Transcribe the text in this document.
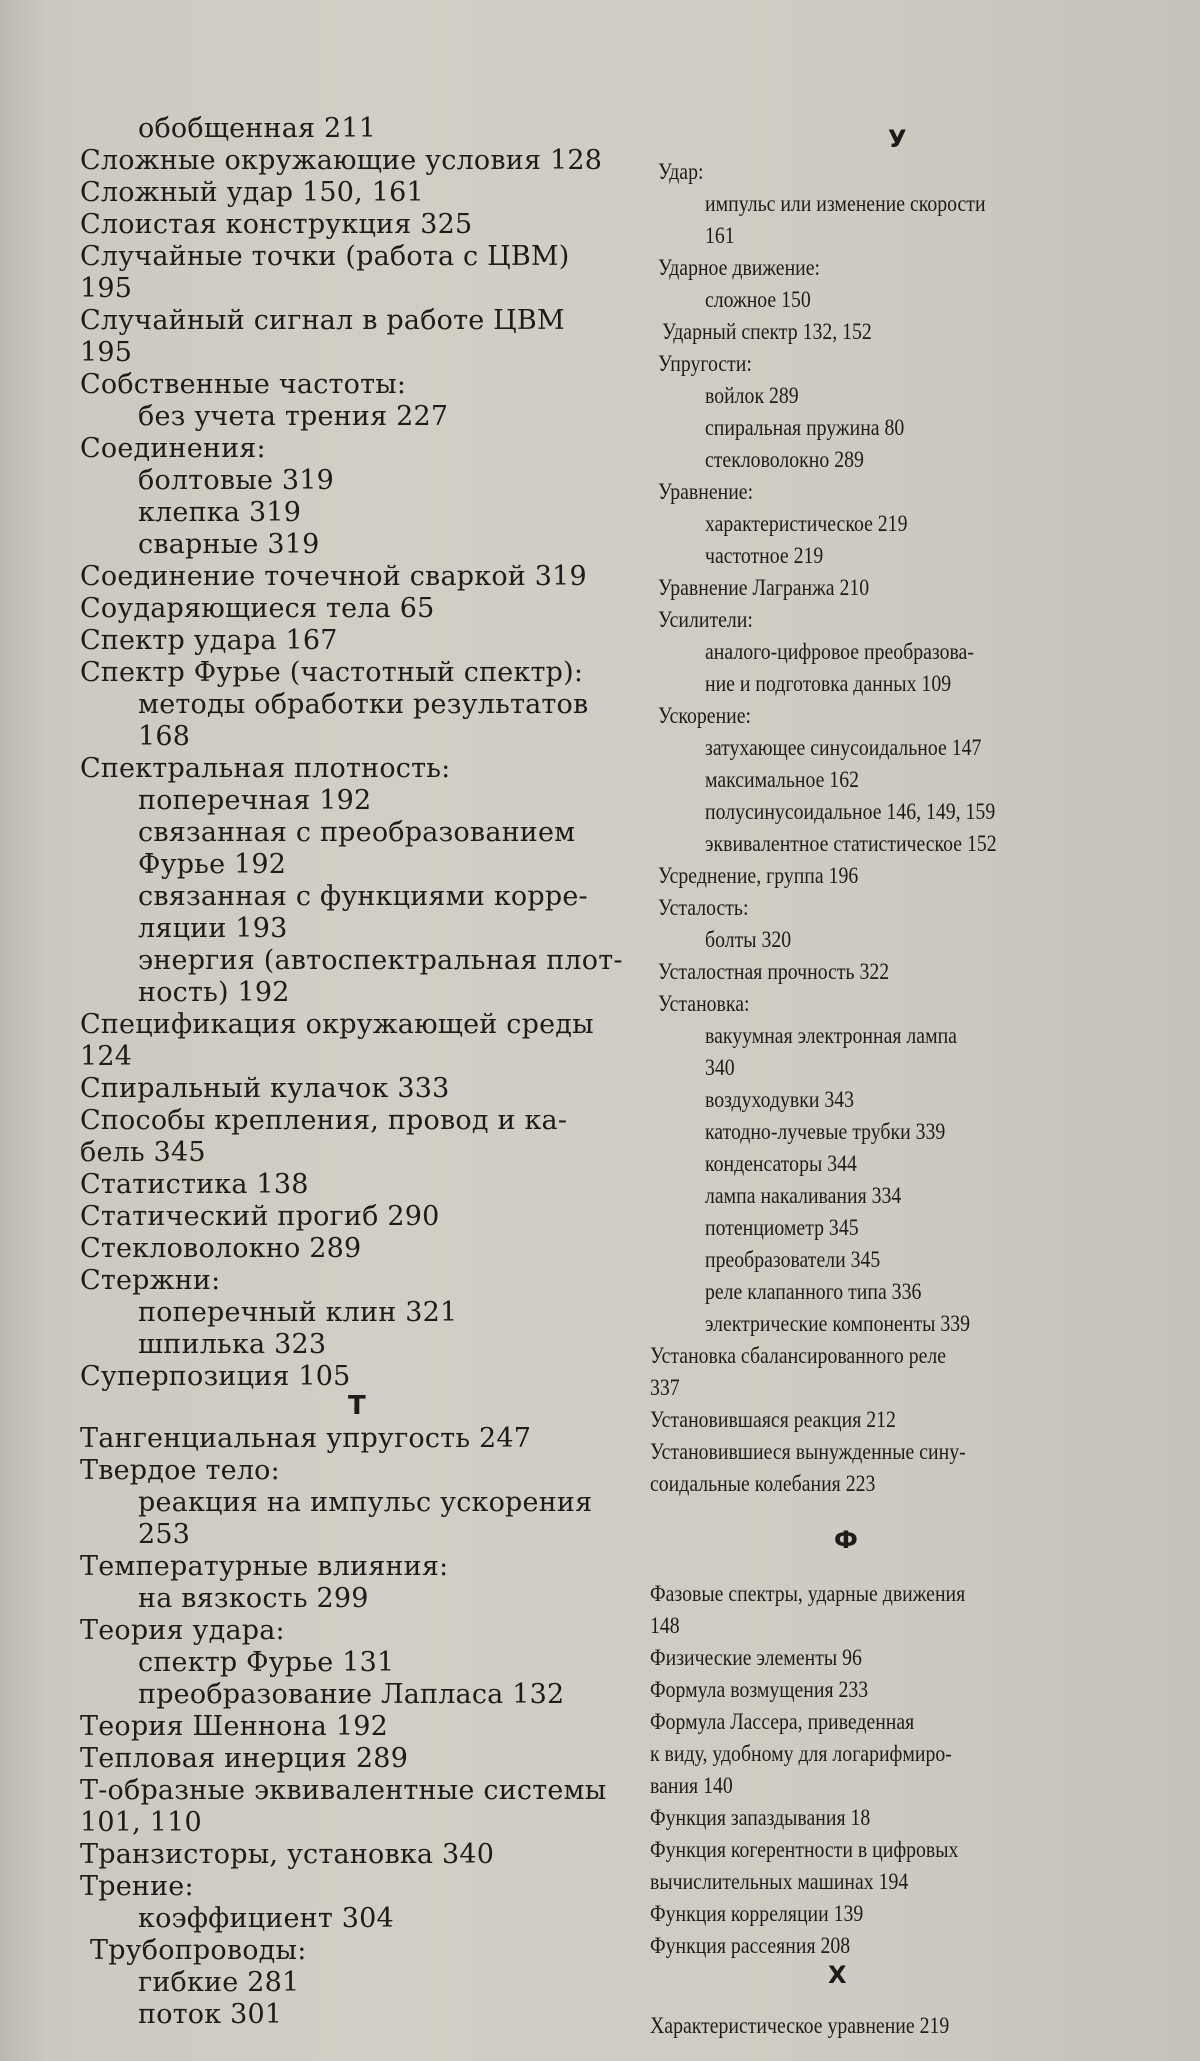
обобщенная 211
Сложные окружающие условия 128
Сложный удар 150, 161
Слоистая конструкция 325
Случайные точки (работа с ЦВМ)
195
Случайный сигнал в работе ЦВМ
195
Собственные частоты:
без учета трения 227
Соединения:
болтовые 319
клепка 319
сварные 319
Соединение точечной сваркой 319
Соударяющиеся тела 65
Спектр удара 167
Спектр Фурье (частотный спектр):
методы обработки результатов
168
Спектральная плотность:
поперечная 192
связанная с преобразованием
Фурье 192
связанная с функциями корре-
ляции 193
энергия (автоспектральная плот-
ность) 192
Спецификация окружающей среды
124
Спиральный кулачок 333
Способы крепления, провод и ка-
бель 345
Статистика 138
Статический прогиб 290
Стекловолокно 289
Стержни:
поперечный клин 321
шпилька 323
Суперпозиция 105
Т
Тангенциальная упругость 247
Твердое тело:
реакция на импульс ускорения
253
Температурные влияния:
на вязкость 299
Теория удара:
спектр Фурье 131
преобразование Лапласа 132
Теория Шеннона 192
Тепловая инерция 289
Т-образные эквивалентные системы
101, 110
Транзисторы, установка 340
Трение:
коэффициент 304
Трубопроводы:
гибкие 281
поток 301
У
Удар:
импульс или изменение скорости
161
Ударное движение:
сложное 150
Ударный спектр 132, 152
Упругости:
войлок 289
спиральная пружина 80
стекловолокно 289
Уравнение:
характеристическое 219
частотное 219
Уравнение Лагранжа 210
Усилители:
аналого-цифровое преобразова-
ние и подготовка данных 109
Ускорение:
затухающее синусоидальное 147
максимальное 162
полусинусоидальное 146, 149, 159
эквивалентное статистическое 152
Усреднение, группа 196
Усталость:
болты 320
Усталостная прочность 322
Установка:
вакуумная электронная лампа
340
воздуходувки 343
катодно-лучевые трубки 339
конденсаторы 344
лампа накаливания 334
потенциометр 345
преобразователи 345
реле клапанного типа 336
электрические компоненты 339
Установка сбалансированного реле
337
Установившаяся реакция 212
Установившиеся вынужденные сину-
соидальные колебания 223
Ф
Фазовые спектры, ударные движения
148
Физические элементы 96
Формула возмущения 233
Формула Лассера, приведенная
к виду, удобному для логарифмиро-
вания 140
Функция запаздывания 18
Функция когерентности в цифровых
вычислительных машинах 194
Функция корреляции 139
Функция рассеяния 208
Х
Характеристическое уравнение 219
